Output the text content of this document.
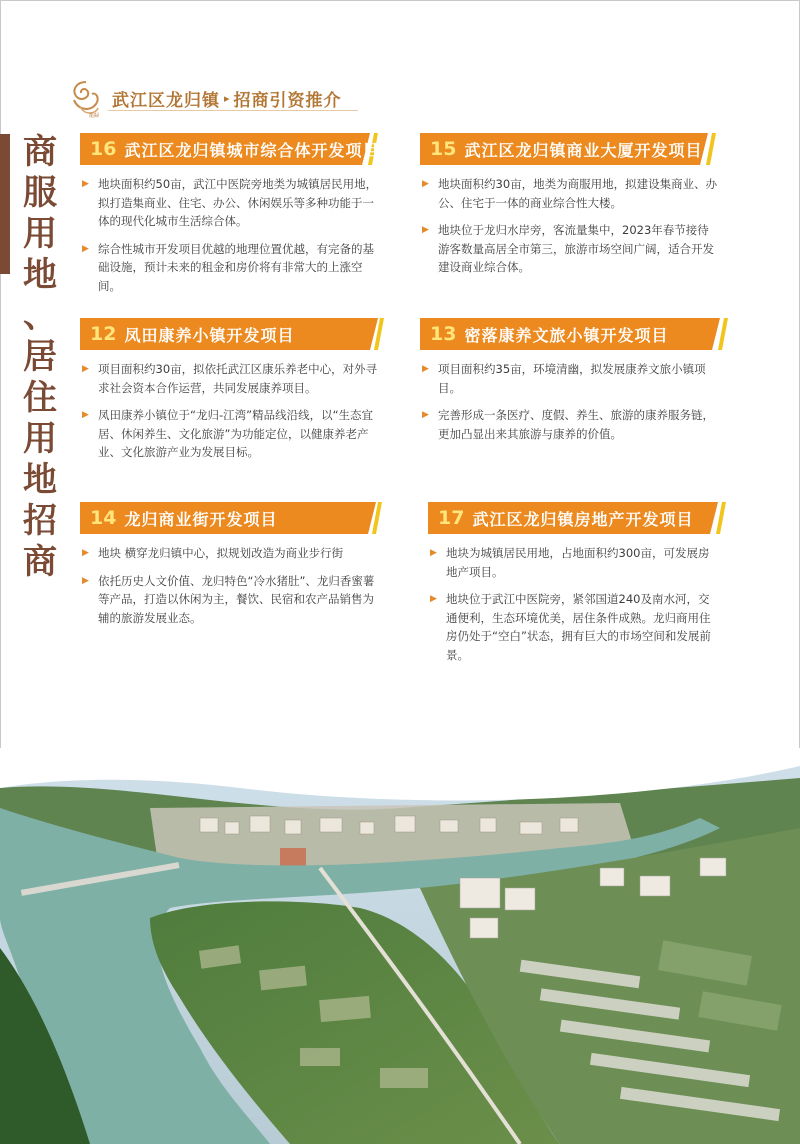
龍歸
武江区龙归镇 ▸ 招商引资推介
商
服
用
地
、
居
住
用
地
招
商
16 武江区龙归镇城市综合体开发项目
▶ 地块面积约50亩，武江中医院旁地类为城镇居民用地，拟打造集商业、住宅、办公、休闲娱乐等多种功能于一体的现代化城市生活综合体。
▶ 综合性城市开发项目优越的地理位置优越，有完备的基础设施，预计未来的租金和房价将有非常大的上涨空间。
15 武江区龙归镇商业大厦开发项目
▶ 地块面积约30亩，地类为商服用地，拟建设集商业、办公、住宅于一体的商业综合性大楼。
▶ 地块位于龙归水岸旁，客流量集中，2023年春节接待游客数量高居全市第三，旅游市场空间广阔，适合开发建设商业综合体。
12 凤田康养小镇开发项目
▶ 项目面积约30亩，拟依托武江区康乐养老中心，对外寻求社会资本合作运营，共同发展康养项目。
▶ 凤田康养小镇位于“龙归-江湾”精品线沿线，以“生态宜居、休闲养生、文化旅游”为功能定位，以健康养老产业、文化旅游产业为发展目标。
13 密落康养文旅小镇开发项目
▶ 项目面积约35亩，环境清幽，拟发展康养文旅小镇项目。
▶ 完善形成一条医疗、度假、养生、旅游的康养服务链，更加凸显出来其旅游与康养的价值。
14 龙归商业街开发项目
▶ 地块 横穿龙归镇中心，拟规划改造为商业步行街
▶ 依托历史人文价值、龙归特色“冷水猪肚”、龙归香蜜薯等产品，打造以休闲为主，餐饮、民宿和农产品销售为辅的旅游发展业态。
17 武江区龙归镇房地产开发项目
▶ 地块为城镇居民用地，占地面积约300亩，可发展房地产项目。
▶ 地块位于武江中医院旁，紧邻国道240及南水河，交通便利，生态环境优美，居住条件成熟。龙归商用住房仍处于“空白”状态，拥有巨大的市场空间和发展前景。
